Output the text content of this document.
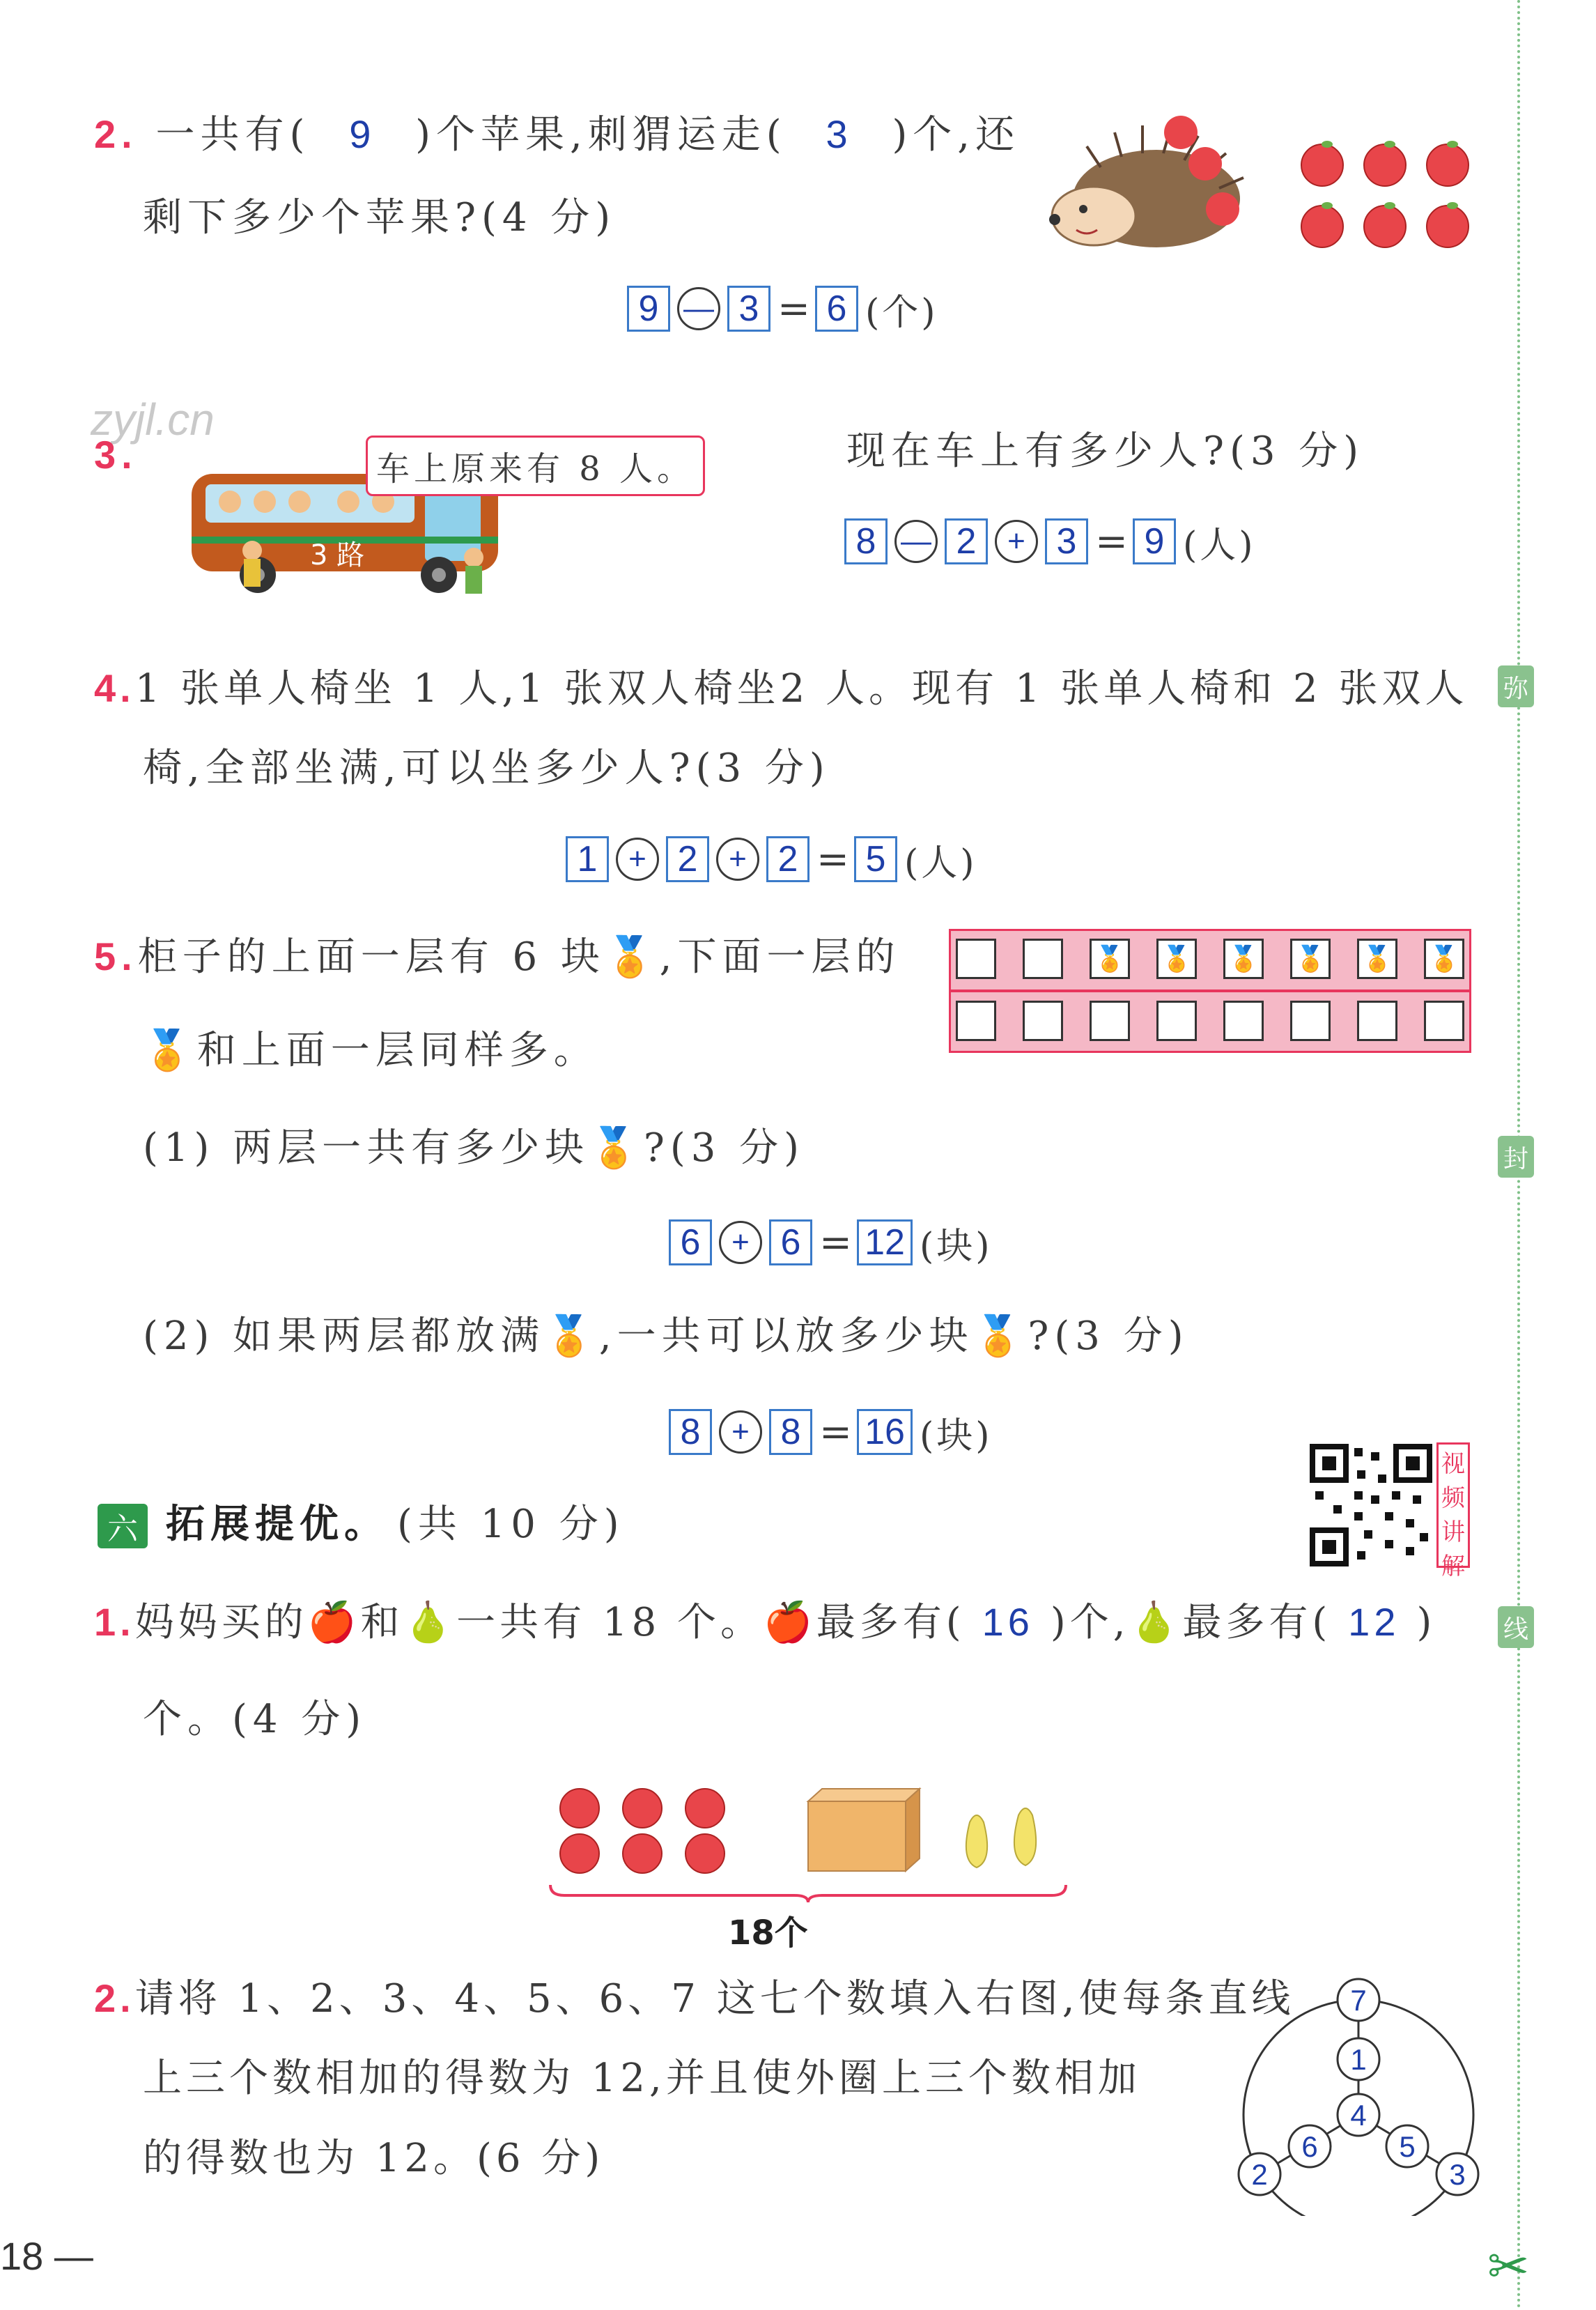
弥
封
线
✂
2. 一共有( 9 )个苹果,刺猬运走( 3 )个,还
剩下多少个苹果?(4 分)
9 — 3 = 6 (个)
zyjl.cn
3.
3 路
车上原来有 8 人。	现在车上有多少人?(3 分)
8 — 2	+ 3 = 9 (人)
4.1 张单人椅坐 1 人,1 张双人椅坐2 人。现有 1 张单人椅和 2 张双人
椅,全部坐满,可以坐多少人?(3 分)
1	+ 2	+ 2 = 5 (人)
5.柜子的上面一层有 6 块🏅,下面一层的
🏅和上面一层同样多。
🏅 🏅 🏅 🏅 🏅 🏅
(1) 两层一共有多少块🏅?(3 分)
6	+ 6 = 12 (块)
(2) 如果两层都放满🏅,一共可以放多少块🏅?(3 分)
8	+ 8 = 16 (块)
视
频
讲
解
六 拓展提优。 (共 10 分)
1.妈妈买的🍎和🍐一共有 18 个。🍎最多有( 16 )个,🍐最多有( 12 )
个。(4 分)
18个
2.请将 1、2、3、4、5、6、7 这七个数填入右图,使每条直线
上三个数相加的得数为 12,并且使外圈上三个数相加
的得数也为 12。(6 分)
7
1
4
6	5
2	3
18 —
